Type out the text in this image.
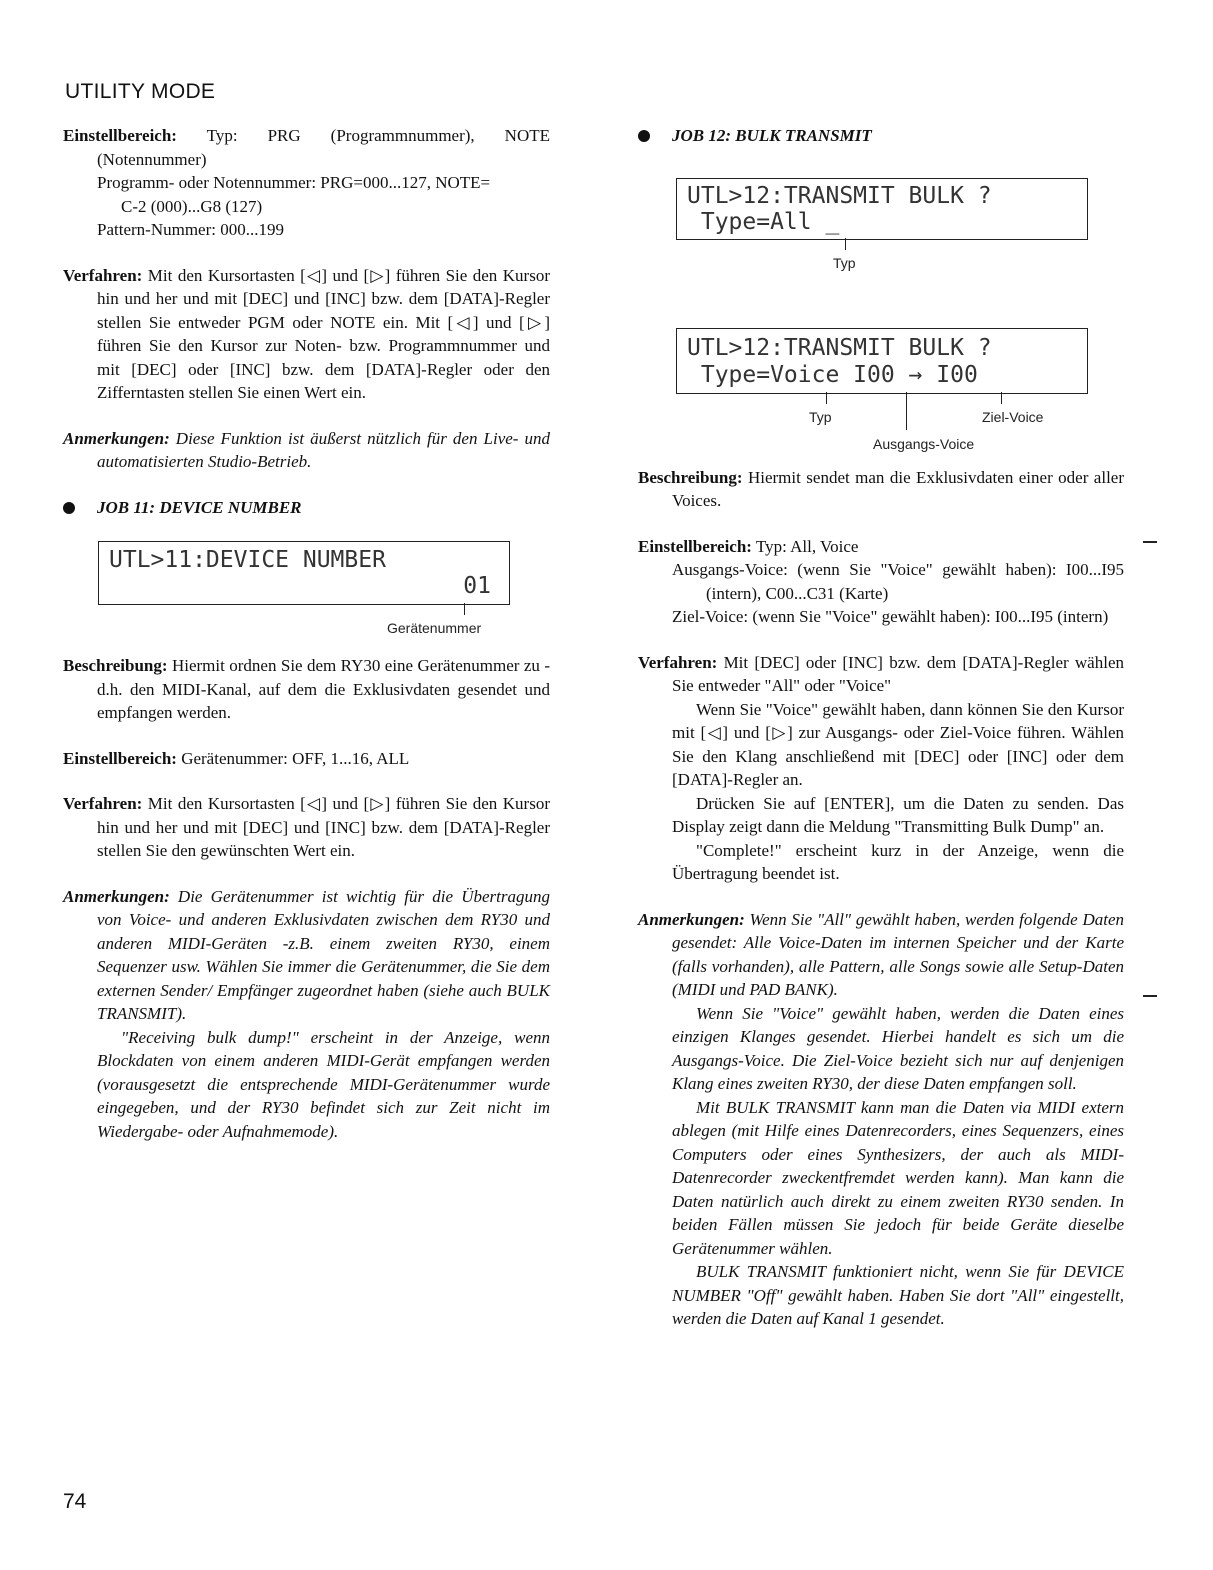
UTILITY MODE

Einstellbereich: Typ: PRG (Programmnummer), NOTE (Notennummer)

Programm- oder Notennummer: PRG=000...127, NOTE=

C-2 (000)...G8 (127)

Pattern-Nummer: 000...199

Verfahren: Mit den Kursortasten [◁] und [▷] führen Sie den Kursor hin und her und mit [DEC] und [INC] bzw. dem [DATA]-Regler stellen Sie entweder PGM oder NOTE ein. Mit [◁] und [▷] führen Sie den Kursor zur Noten- bzw. Programmnummer und mit [DEC] oder [INC] bzw. dem [DATA]-Regler oder den Zifferntasten stellen Sie einen Wert ein.

Anmerkungen: Diese Funktion ist äußerst nützlich für den Live- und automatisierten Studio-Betrieb.

JOB 11: DEVICE NUMBER

UTL>11:DEVICE NUMBER
01
Gerätenummer

Beschreibung: Hiermit ordnen Sie dem RY30 eine Gerätenummer zu -d.h. den MIDI-Kanal, auf dem die Exklusivdaten gesendet und empfangen werden.

Einstellbereich: Gerätenummer: OFF, 1...16, ALL

Verfahren: Mit den Kursortasten [◁] und [▷] führen Sie den Kursor hin und her und mit [DEC] und [INC] bzw. dem [DATA]-Regler stellen Sie den gewünschten Wert ein.

Anmerkungen: Die Gerätenummer ist wichtig für die Übertragung von Voice- und anderen Exklusivdaten zwischen dem RY30 und anderen MIDI-Geräten -z.B. einem zweiten RY30, einem Sequenzer usw. Wählen Sie immer die Gerätenummer, die Sie dem externen Sender/ Empfänger zugeordnet haben (siehe auch BULK TRANSMIT).

"Receiving bulk dump!" erscheint in der Anzeige, wenn Blockdaten von einem anderen MIDI-Gerät empfangen werden (vorausgesetzt die entsprechende MIDI-Gerätenummer wurde eingegeben, und der RY30 befindet sich zur Zeit nicht im Wiedergabe- oder Aufnahmemode).

JOB 12: BULK TRANSMIT

UTL>12:TRANSMIT BULK ?
Type=All _
Typ
UTL>12:TRANSMIT BULK ?
Type=Voice I00 → I00
Typ
Ausgangs-Voice
Ziel-Voice

Beschreibung: Hiermit sendet man die Exklusivdaten einer oder aller Voices.

Einstellbereich: Typ: All, Voice

Ausgangs-Voice: (wenn Sie "Voice" gewählt haben): I00...I95 (intern), C00...C31 (Karte)

Ziel-Voice: (wenn Sie "Voice" gewählt haben): I00...I95 (intern)

Verfahren: Mit [DEC] oder [INC] bzw. dem [DATA]-Regler wählen Sie entweder "All" oder "Voice"

Wenn Sie "Voice" gewählt haben, dann können Sie den Kursor mit [◁] und [▷] zur Ausgangs- oder Ziel-Voice führen. Wählen Sie den Klang anschließend mit [DEC] oder [INC] oder dem [DATA]-Regler an.

Drücken Sie auf [ENTER], um die Daten zu senden. Das Display zeigt dann die Meldung "Transmitting Bulk Dump" an.

"Complete!" erscheint kurz in der Anzeige, wenn die Übertragung beendet ist.

Anmerkungen: Wenn Sie "All" gewählt haben, werden folgende Daten gesendet: Alle Voice-Daten im internen Speicher und der Karte (falls vorhanden), alle Pattern, alle Songs sowie alle Setup-Daten (MIDI und PAD BANK).

Wenn Sie "Voice" gewählt haben, werden die Daten eines einzigen Klanges gesendet. Hierbei handelt es sich um die Ausgangs-Voice. Die Ziel-Voice bezieht sich nur auf denjenigen Klang eines zweiten RY30, der diese Daten empfangen soll.

Mit BULK TRANSMIT kann man die Daten via MIDI extern ablegen (mit Hilfe eines Datenrecorders, eines Sequenzers, eines Computers oder eines Synthesizers, der auch als MIDI-Datenrecorder zweckentfremdet werden kann). Man kann die Daten natürlich auch direkt zu einem zweiten RY30 senden. In beiden Fällen müssen Sie jedoch für beide Geräte dieselbe Gerätenummer wählen.

BULK TRANSMIT funktioniert nicht, wenn Sie für DEVICE NUMBER "Off" gewählt haben. Haben Sie dort "All" eingestellt, werden die Daten auf Kanal 1 gesendet.

74
